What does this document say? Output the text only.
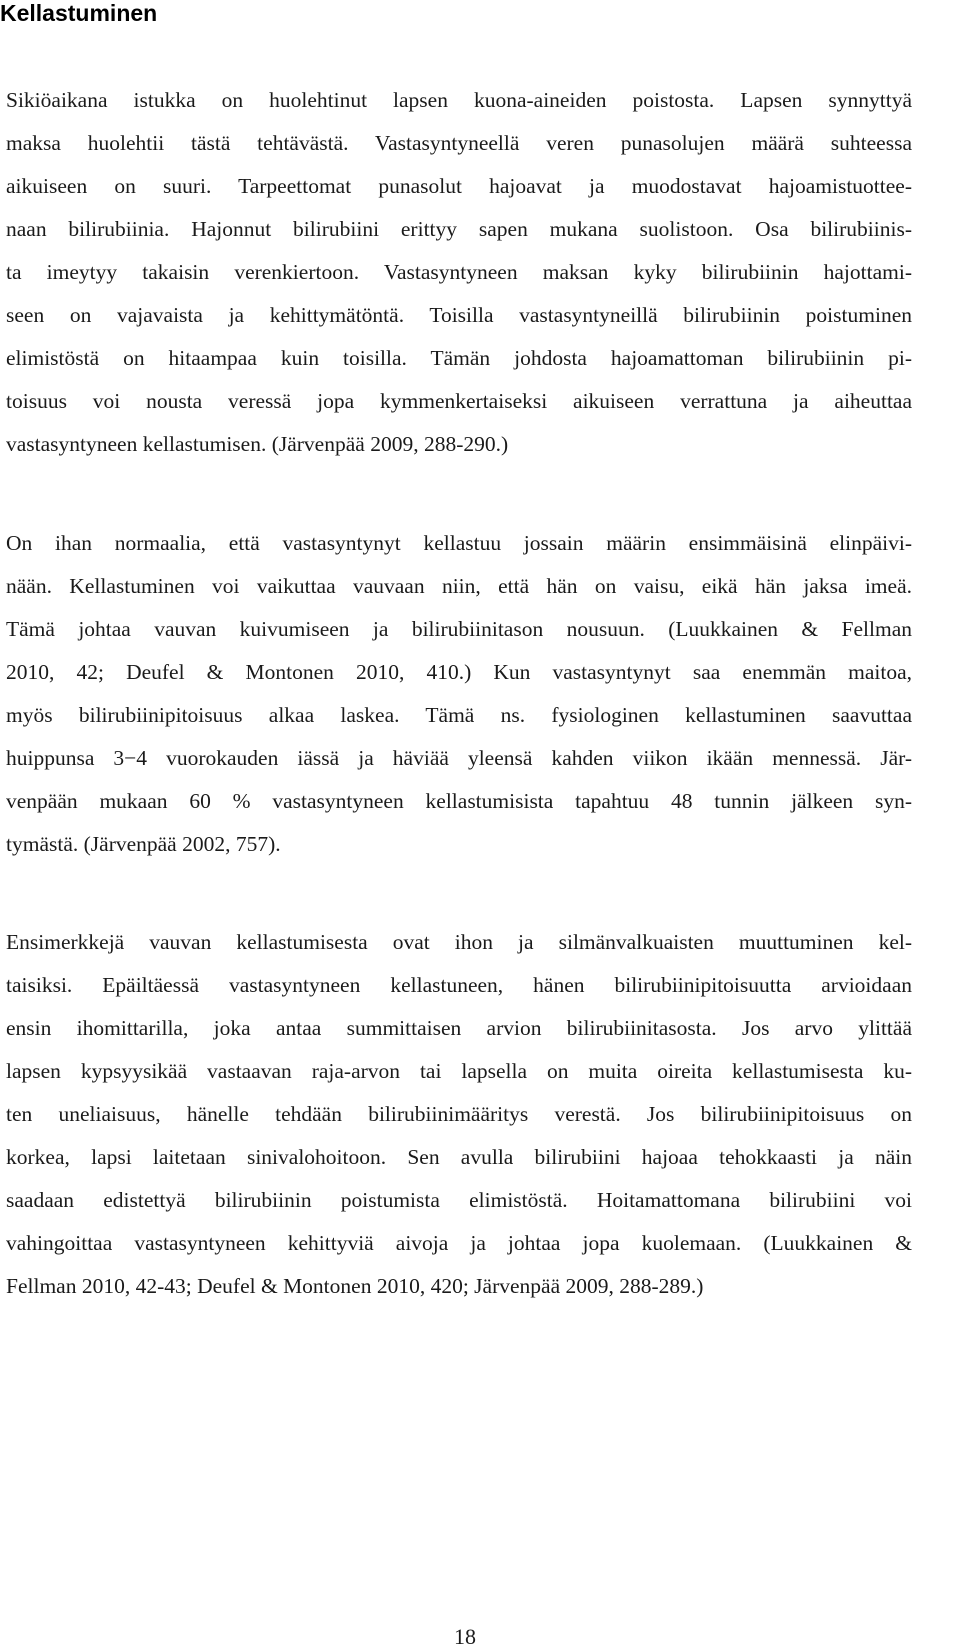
Kellastuminen

Sikiöaikana istukka on huolehtinut lapsen kuona-aineiden poistosta. Lapsen synnyttyä
maksa huolehtii tästä tehtävästä. Vastasyntyneellä veren punasolujen määrä suhteessa
aikuiseen on suuri. Tarpeettomat punasolut hajoavat ja muodostavat hajoamistuottee-
naan bilirubiinia. Hajonnut bilirubiini erittyy sapen mukana suolistoon. Osa bilirubiinis-
ta imeytyy takaisin verenkiertoon. Vastasyntyneen maksan kyky bilirubiinin hajottami-
seen on vajavaista ja kehittymätöntä. Toisilla vastasyntyneillä bilirubiinin poistuminen
elimistöstä on hitaampaa kuin toisilla. Tämän johdosta hajoamattoman bilirubiinin pi-
toisuus voi nousta veressä jopa kymmenkertaiseksi aikuiseen verrattuna ja aiheuttaa
vastasyntyneen kellastumisen. (Järvenpää 2009, 288-290.)

On ihan normaalia, että vastasyntynyt kellastuu jossain määrin ensimmäisinä elinpäivi-
nään. Kellastuminen voi vaikuttaa vauvaan niin, että hän on vaisu, eikä hän jaksa imeä.
Tämä johtaa vauvan kuivumiseen ja bilirubiinitason nousuun. (Luukkainen & Fellman
2010, 42; Deufel & Montonen 2010, 410.) Kun vastasyntynyt saa enemmän maitoa,
myös bilirubiinipitoisuus alkaa laskea. Tämä ns. fysiologinen kellastuminen saavuttaa
huippunsa 3−4 vuorokauden iässä ja häviää yleensä kahden viikon ikään mennessä. Jär-
venpään mukaan 60 % vastasyntyneen kellastumisista tapahtuu 48 tunnin jälkeen syn-
tymästä. (Järvenpää 2002, 757).

Ensimerkkejä vauvan kellastumisesta ovat ihon ja silmänvalkuaisten muuttuminen kel-
taisiksi. Epäiltäessä vastasyntyneen kellastuneen, hänen bilirubiinipitoisuutta arvioidaan
ensin ihomittarilla, joka antaa summittaisen arvion bilirubiinitasosta. Jos arvo ylittää
lapsen kypsyysikää vastaavan raja-arvon tai lapsella on muita oireita kellastumisesta ku-
ten uneliaisuus, hänelle tehdään bilirubiinimääritys verestä. Jos bilirubiinipitoisuus on
korkea, lapsi laitetaan sinivalohoitoon. Sen avulla bilirubiini hajoaa tehokkaasti ja näin
saadaan edistettyä bilirubiinin poistumista elimistöstä. Hoitamattomana bilirubiini voi
vahingoittaa vastasyntyneen kehittyviä aivoja ja johtaa jopa kuolemaan. (Luukkainen &
Fellman 2010, 42-43; Deufel & Montonen 2010, 420; Järvenpää 2009, 288-289.)

18
